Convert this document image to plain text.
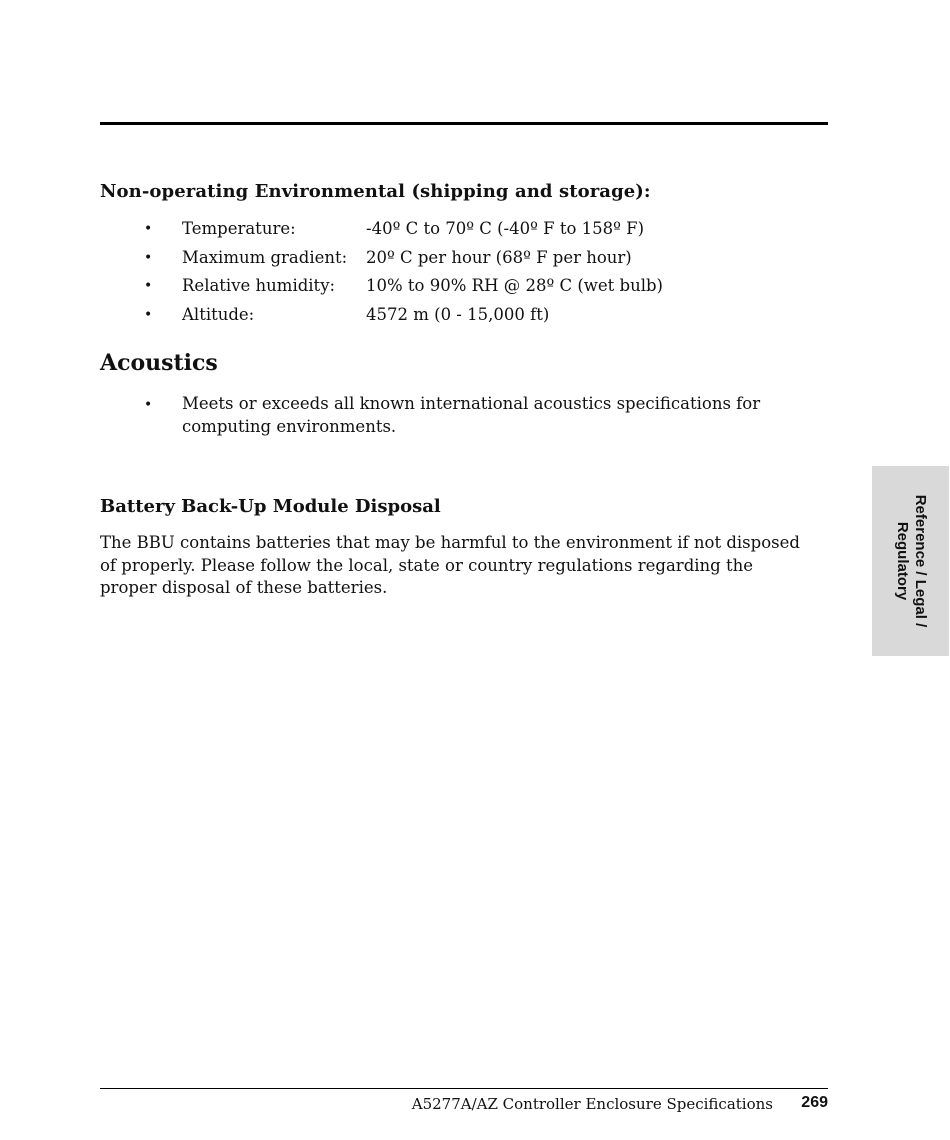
Non-operating Environmental (shipping and storage):
• Temperature:	-40º C to 70º C (-40º F to 158º F)
• Maximum gradient: 20º C per hour (68º F per hour)
• Relative humidity: 10% to 90% RH @ 28º C (wet bulb)
• Altitude:	4572 m (0 - 15,000 ft)
Acoustics
• Meets or exceeds all known international acoustics specifications for computing environments.
Battery Back-Up Module Disposal
The BBU contains batteries that may be harmful to the environment if not disposed of properly. Please follow the local, state or country regulations regarding the proper disposal of these batteries.	Reference / Legal / Regulatory
A5277A/AZ Controller Enclosure Specifications	269
